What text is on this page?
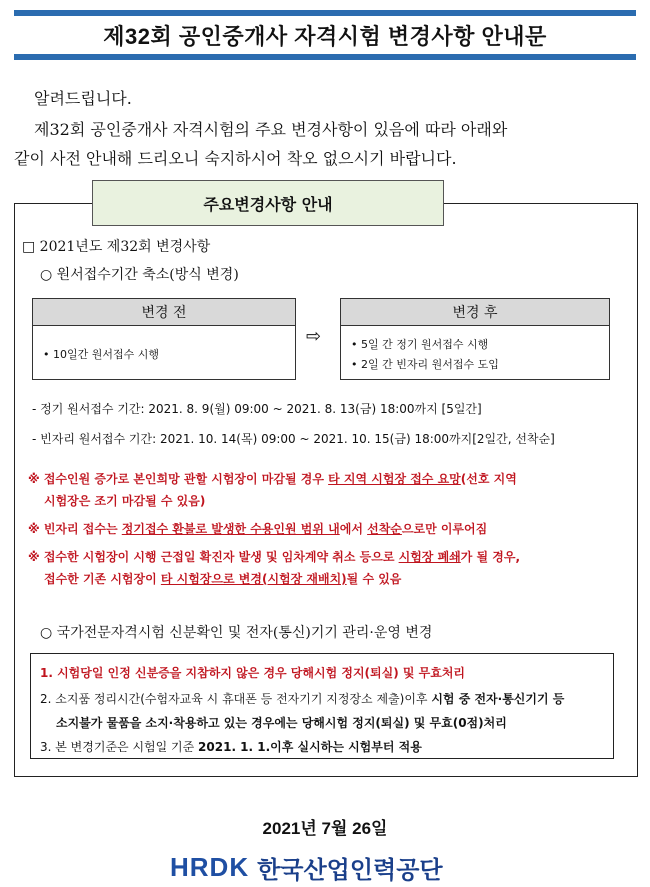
제32회 공인중개사 자격시험 변경사항 안내문
알려드립니다.
제32회 공인중개사 자격시험의 주요 변경사항이 있음에 따라 아래와
같이 사전 안내해 드리오니 숙지하시어 착오 없으시기 바랍니다.
주요변경사항 안내
□ 2021년도 제32회 변경사항
○ 원서접수기간 축소(방식 변경)
변경 전
• 10일간 원서접수 시행
⇨
변경 후
• 5일 간 정기 원서접수 시행
• 2일 간 빈자리 원서접수 도입
- 정기 원서접수 기간: 2021. 8. 9(월) 09:00 ~ 2021. 8. 13(금) 18:00까지 [5일간]
- 빈자리 원서접수 기간: 2021. 10. 14(목) 09:00 ~ 2021. 10. 15(금) 18:00까지[2일간, 선착순]
※ 접수인원 증가로 본인희망 관할 시험장이 마감될 경우 타 지역 시험장 접수 요망(선호 지역
시험장은 조기 마감될 수 있음)
※ 빈자리 접수는 정기접수 환불로 발생한 수용인원 범위 내에서 선착순으로만 이루어짐
※ 접수한 시험장이 시행 근접일 확진자 발생 및 임차계약 취소 등으로 시험장 폐쇄가 될 경우,
접수한 기존 시험장이 타 시험장으로 변경(시험장 재배치)될 수 있음
○ 국가전문자격시험 신분확인 및 전자(통신)기기 관리·운영 변경
1. 시험당일 인정 신분증을 지참하지 않은 경우 당해시험 정지(퇴실) 및 무효처리
2. 소지품 정리시간(수험자교육 시 휴대폰 등 전자기기 지정장소 제출)이후 시험 중 전자·통신기기 등
소지불가 물품을 소지·착용하고 있는 경우에는 당해시험 정지(퇴실) 및 무효(0점)처리
3. 본 변경기준은 시험일 기준 2021. 1. 1.이후 실시하는 시험부터 적용
2021년 7월 26일
HRDK 한국산업인력공단
